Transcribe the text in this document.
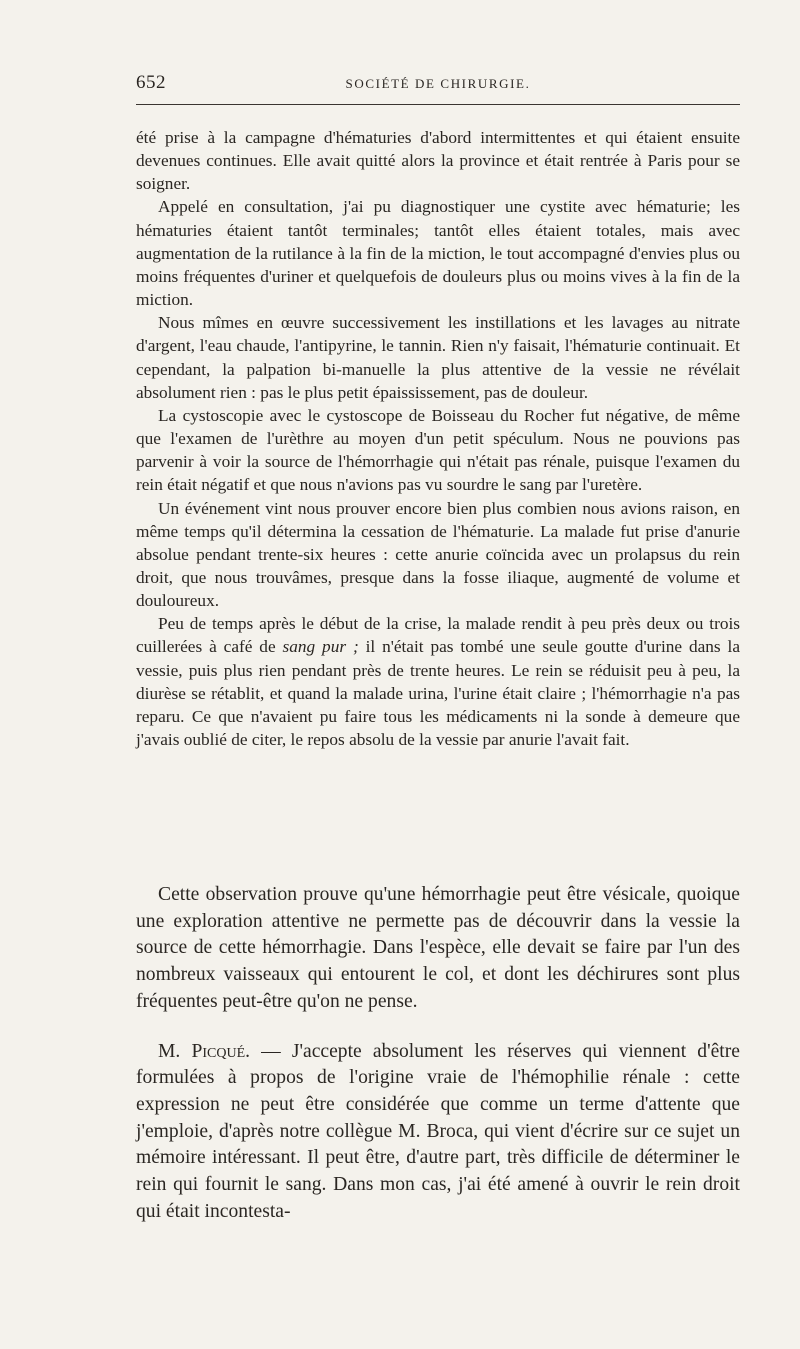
652	SOCIÉTÉ DE CHIRURGIE.

été prise à la campagne d'hématuries d'abord intermittentes et qui étaient ensuite devenues continues. Elle avait quitté alors la province et était rentrée à Paris pour se soigner.

Appelé en consultation, j'ai pu diagnostiquer une cystite avec hématurie; les hématuries étaient tantôt terminales; tantôt elles étaient totales, mais avec augmentation de la rutilance à la fin de la miction, le tout accompagné d'envies plus ou moins fréquentes d'uriner et quelquefois de douleurs plus ou moins vives à la fin de la miction.

Nous mîmes en œuvre successivement les instillations et les lavages au nitrate d'argent, l'eau chaude, l'antipyrine, le tannin. Rien n'y faisait, l'hématurie continuait. Et cependant, la palpation bi-manuelle la plus attentive de la vessie ne révélait absolument rien : pas le plus petit épaississement, pas de douleur.

La cystoscopie avec le cystoscope de Boisseau du Rocher fut négative, de même que l'examen de l'urèthre au moyen d'un petit spéculum. Nous ne pouvions pas parvenir à voir la source de l'hémorrhagie qui n'était pas rénale, puisque l'examen du rein était négatif et que nous n'avions pas vu sourdre le sang par l'uretère.

Un événement vint nous prouver encore bien plus combien nous avions raison, en même temps qu'il détermina la cessation de l'hématurie. La malade fut prise d'anurie absolue pendant trente-six heures : cette anurie coïncida avec un prolapsus du rein droit, que nous trouvâmes, presque dans la fosse iliaque, augmenté de volume et douloureux.

Peu de temps après le début de la crise, la malade rendit à peu près deux ou trois cuillerées à café de sang pur ; il n'était pas tombé une seule goutte d'urine dans la vessie, puis plus rien pendant près de trente heures. Le rein se réduisit peu à peu, la diurèse se rétablit, et quand la malade urina, l'urine était claire ; l'hémorrhagie n'a pas reparu. Ce que n'avaient pu faire tous les médicaments ni la sonde à demeure que j'avais oublié de citer, le repos absolu de la vessie par anurie l'avait fait.

Cette observation prouve qu'une hémorrhagie peut être vésicale, quoique une exploration attentive ne permette pas de découvrir dans la vessie la source de cette hémorrhagie. Dans l'espèce, elle devait se faire par l'un des nombreux vaisseaux qui entourent le col, et dont les déchirures sont plus fréquentes peut-être qu'on ne pense.

M. Picqué. — J'accepte absolument les réserves qui viennent d'être formulées à propos de l'origine vraie de l'hémophilie rénale : cette expression ne peut être considérée que comme un terme d'attente que j'emploie, d'après notre collègue M. Broca, qui vient d'écrire sur ce sujet un mémoire intéressant. Il peut être, d'autre part, très difficile de déterminer le rein qui fournit le sang. Dans mon cas, j'ai été amené à ouvrir le rein droit qui était incontesta-
